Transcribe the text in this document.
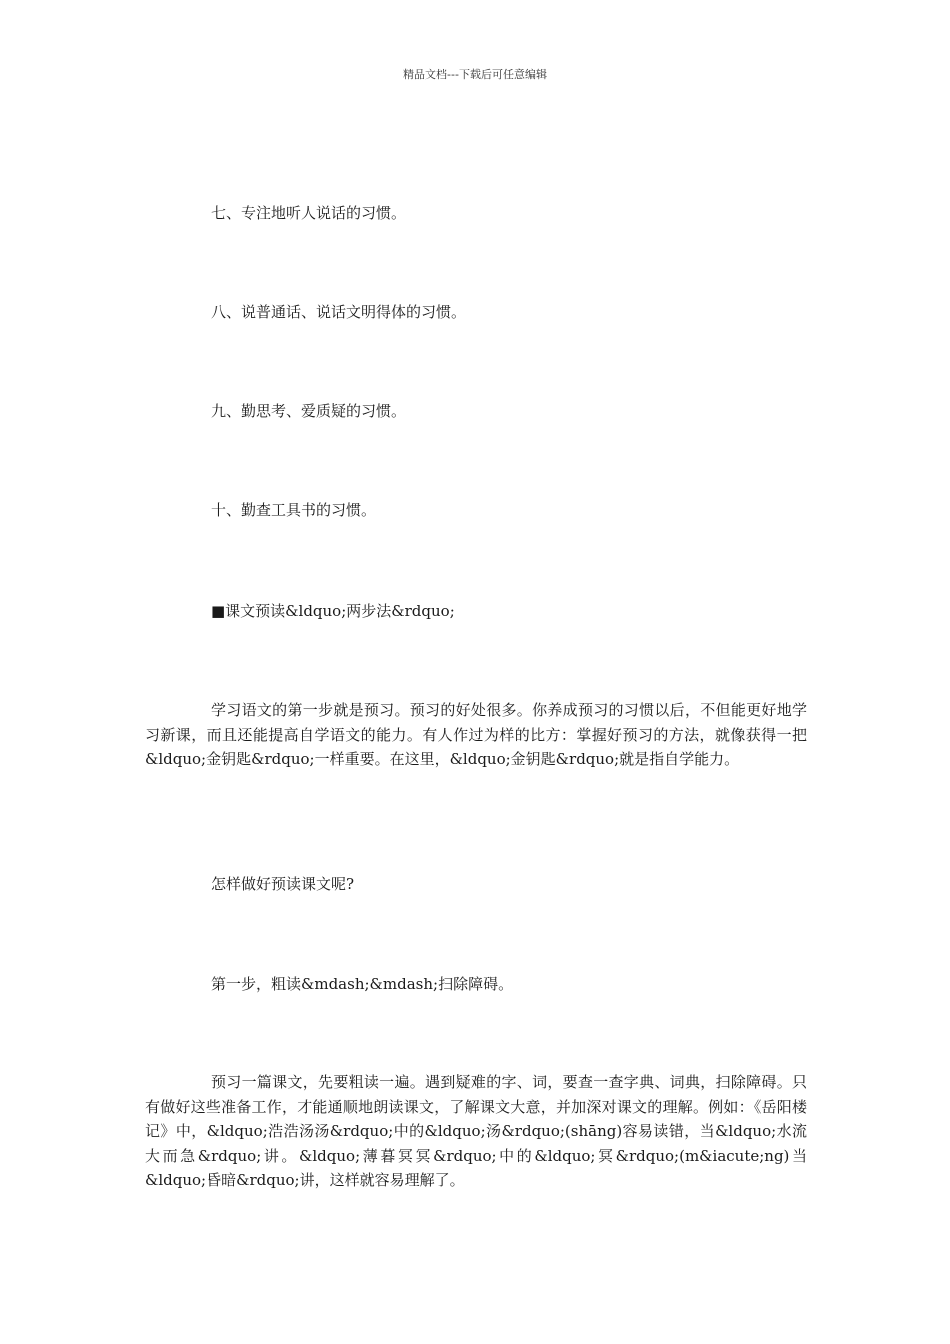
精品文档---下载后可任意编辑
七、专注地听人说话的习惯。
八、说普通话、说话文明得体的习惯。
九、勤思考、爱质疑的习惯。
十、勤查工具书的习惯。
■课文预读&ldquo;两步法&rdquo;

学习语文的第一步就是预习。预习的好处很多。你养成预习的习惯以后，不但能更好地学习新课，而且还能提高自学语文的能力。有人作过为样的比方：掌握好预习的方法，就像获得一把&ldquo;金钥匙&rdquo;一样重要。在这里，&ldquo;金钥匙&rdquo;就是指自学能力。

怎样做好预读课文呢?
第一步，粗读&mdash;&mdash;扫除障碍。

预习一篇课文，先要粗读一遍。遇到疑难的字、词，要查一查字典、词典，扫除障碍。只有做好这些准备工作，才能通顺地朗读课文，了解课文大意，并加深对课文的理解。例如：《岳阳楼记》中，&ldquo;浩浩汤汤&rdquo;中的&ldquo;汤&rdquo;(shāng)容易读错，当&ldquo;水流大而急&rdquo;讲。&ldquo;薄暮冥冥&rdquo;中的&ldquo;冥&rdquo;(m&iacute;ng)当&ldquo;昏暗&rdquo;讲，这样就容易理解了。
